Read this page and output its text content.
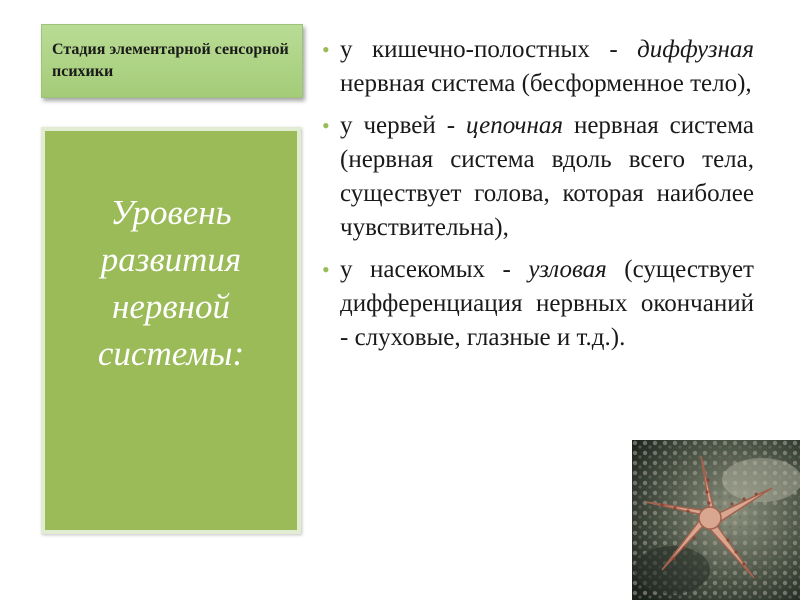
Стадия элементарной сенсорной психики
Уровень развития нервной системы:
• у кишечно-полостных - диффузная нервная система (бесформенное тело),
• у червей - цепочная нервная система (нервная система вдоль всего тела, существует голова, которая наиболее чувствительна),
• у насекомых - узловая (существует дифференциация нервных окончаний - слуховые, глазные и т.д.).
